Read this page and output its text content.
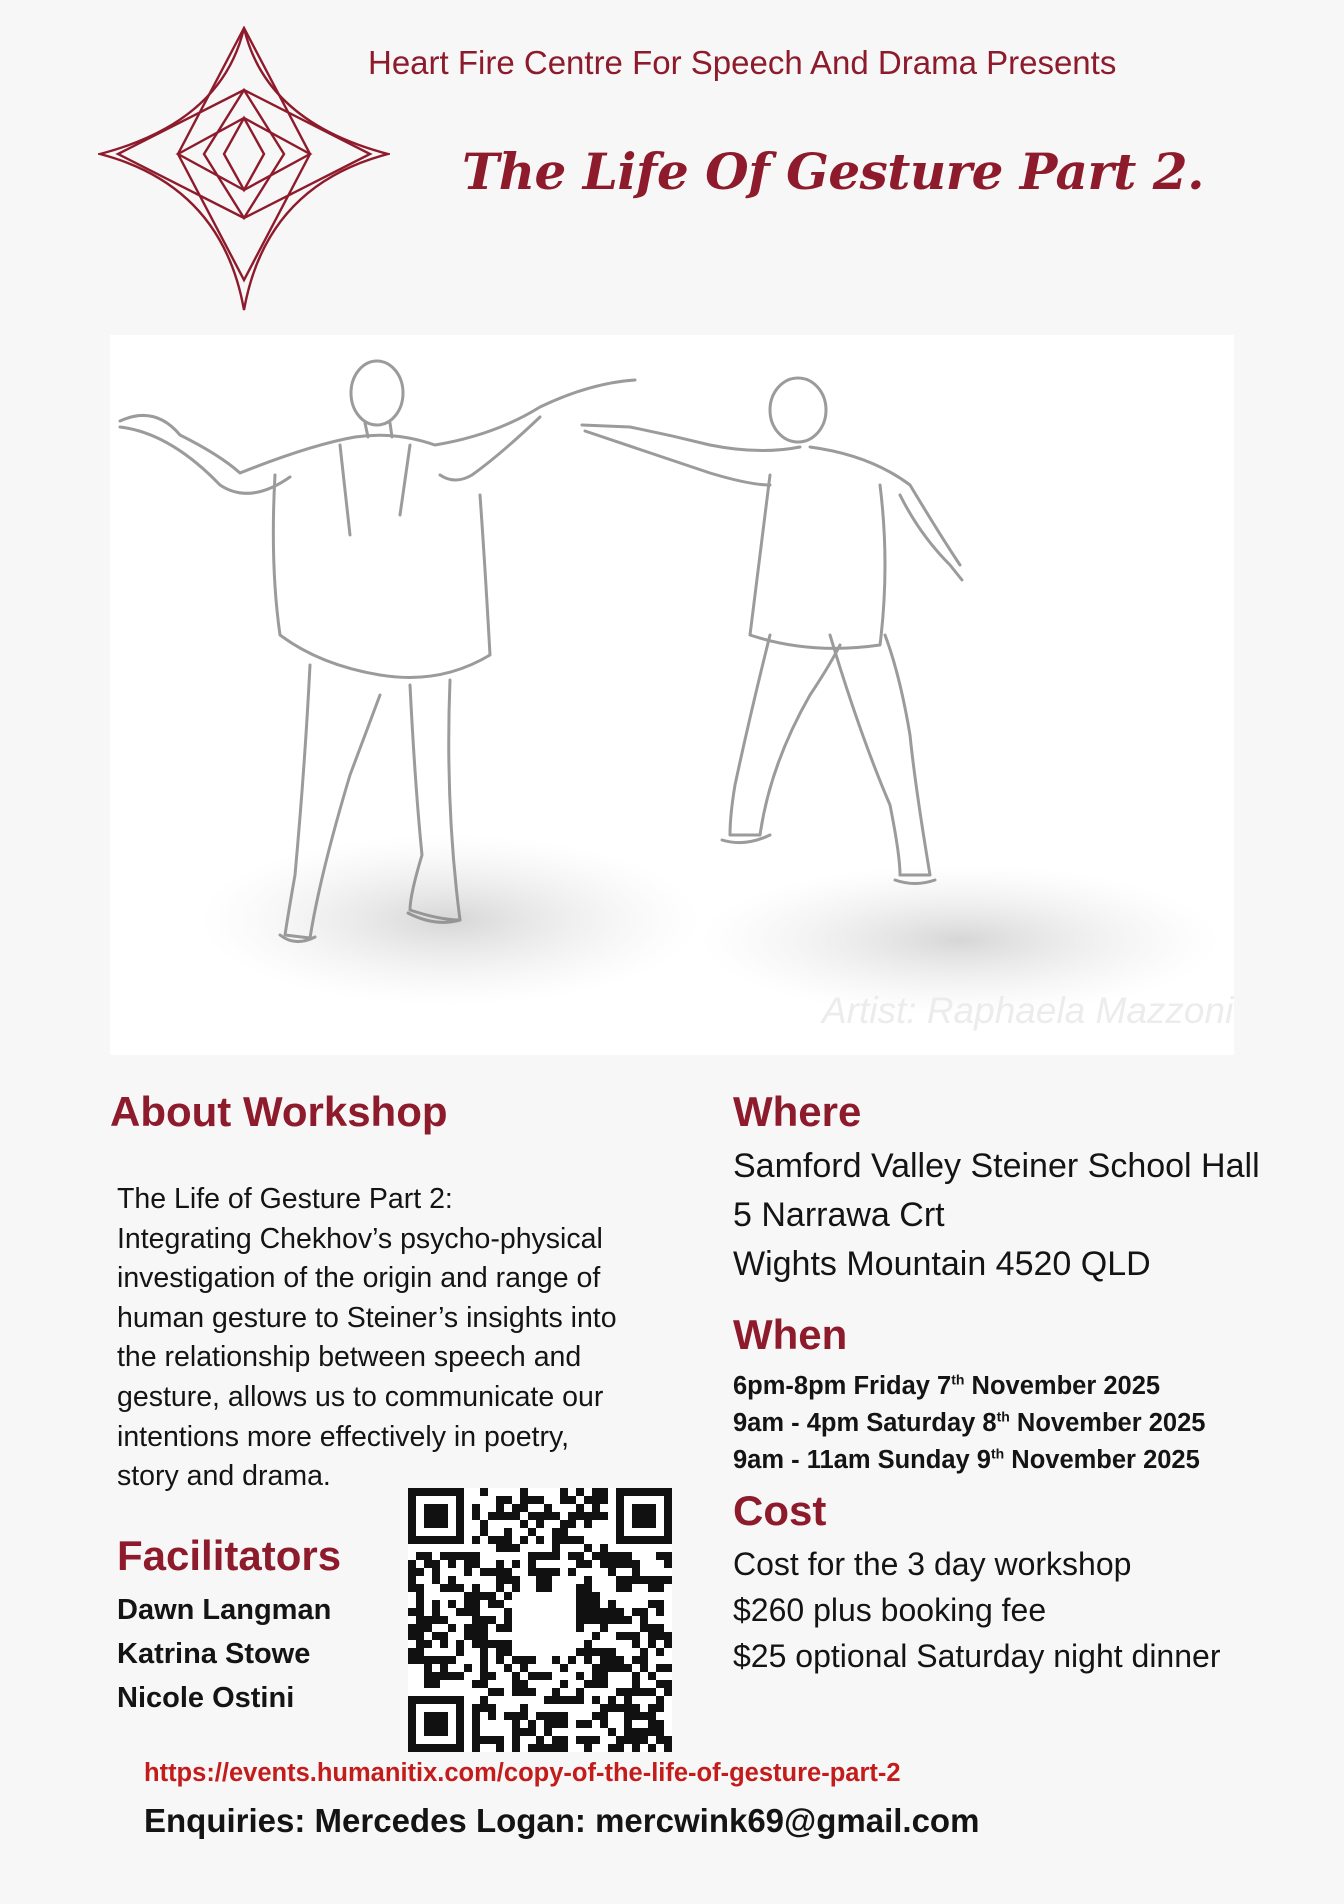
Heart Fire Centre For Speech And Drama Presents
The Life Of Gesture Part 2.
Artist: Raphaela Mazzoni
About Workshop
The Life of Gesture Part 2:
Integrating Chekhov’s psycho-physical
investigation of the origin and range of
human gesture to Steiner’s insights into
the relationship between speech and
gesture, allows us to communicate our
intentions more effectively in poetry,
story and drama.
Facilitators
Dawn Langman
Katrina Stowe
Nicole Ostini
Where
Samford Valley Steiner School Hall
5 Narrawa Crt
Wights Mountain 4520 QLD
When
6pm-8pm Friday 7th November 2025
9am - 4pm Saturday 8th November 2025
9am - 11am Sunday 9th November 2025
Cost
Cost for the 3 day workshop
$260 plus booking fee
$25 optional Saturday night dinner
https://events.humanitix.com/copy-of-the-life-of-gesture-part-2
Enquiries: Mercedes Logan: mercwink69@gmail.com
